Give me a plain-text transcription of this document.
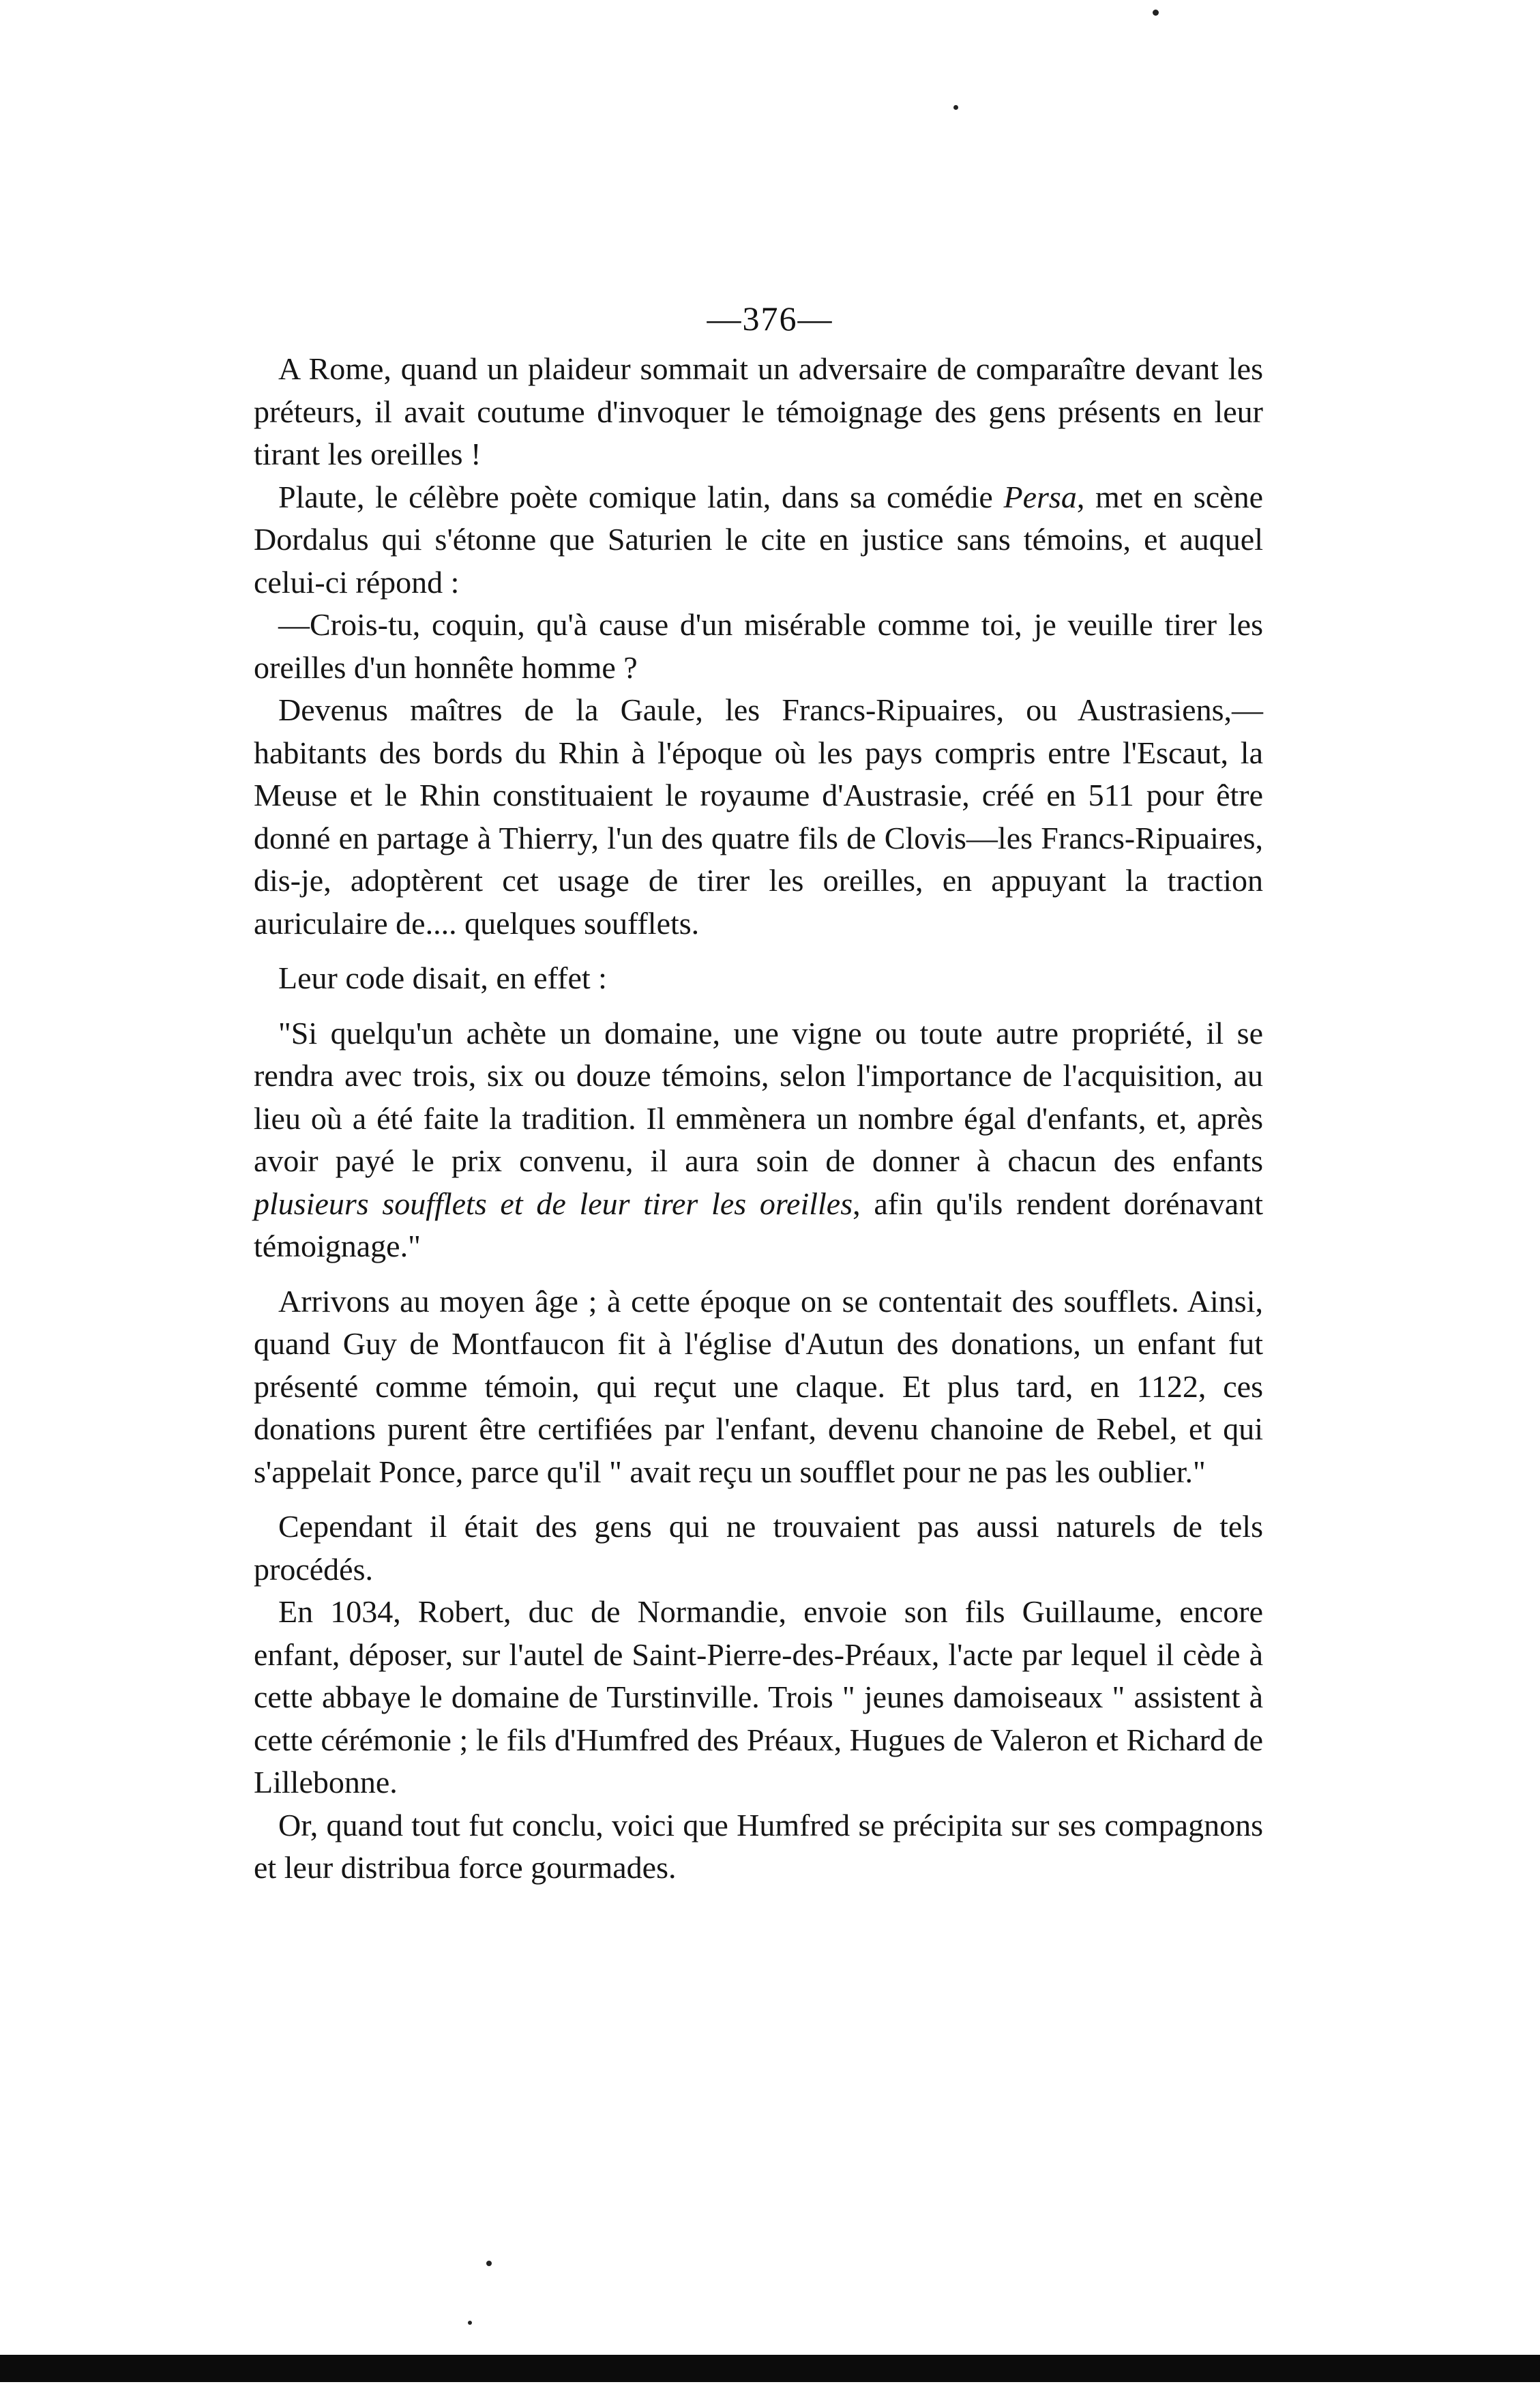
—376—

A Rome, quand un plaideur sommait un adversaire de comparaître devant les préteurs, il avait coutume d'invoquer le témoignage des gens présents en leur tirant les oreilles !

Plaute, le célèbre poète comique latin, dans sa comédie Persa, met en scène Dordalus qui s'étonne que Saturien le cite en justice sans témoins, et auquel celui-ci répond :

—Crois-tu, coquin, qu'à cause d'un misérable comme toi, je veuille tirer les oreilles d'un honnête homme ?

Devenus maîtres de la Gaule, les Francs-Ripuaires, ou Austrasiens,—habitants des bords du Rhin à l'époque où les pays compris entre l'Escaut, la Meuse et le Rhin constituaient le royaume d'Austrasie, créé en 511 pour être donné en partage à Thierry, l'un des quatre fils de Clovis—les Francs-Ripuaires, dis-je, adoptèrent cet usage de tirer les oreilles, en appuyant la traction auriculaire de.... quelques soufflets.

Leur code disait, en effet :

"Si quelqu'un achète un domaine, une vigne ou toute autre propriété, il se rendra avec trois, six ou douze témoins, selon l'importance de l'acquisition, au lieu où a été faite la tradition. Il emmènera un nombre égal d'enfants, et, après avoir payé le prix convenu, il aura soin de donner à chacun des enfants plusieurs soufflets et de leur tirer les oreilles, afin qu'ils rendent dorénavant témoignage."

Arrivons au moyen âge ; à cette époque on se contentait des soufflets. Ainsi, quand Guy de Montfaucon fit à l'église d'Autun des donations, un enfant fut présenté comme témoin, qui reçut une claque. Et plus tard, en 1122, ces donations purent être certifiées par l'enfant, devenu chanoine de Rebel, et qui s'appelait Ponce, parce qu'il " avait reçu un soufflet pour ne pas les oublier."

Cependant il était des gens qui ne trouvaient pas aussi naturels de tels procédés.

En 1034, Robert, duc de Normandie, envoie son fils Guillaume, encore enfant, déposer, sur l'autel de Saint-Pierre-des-Préaux, l'acte par lequel il cède à cette abbaye le domaine de Turstinville. Trois " jeunes damoiseaux " assistent à cette cérémonie ; le fils d'Humfred des Préaux, Hugues de Valeron et Richard de Lillebonne.

Or, quand tout fut conclu, voici que Humfred se précipita sur ses compagnons et leur distribua force gourmades.
